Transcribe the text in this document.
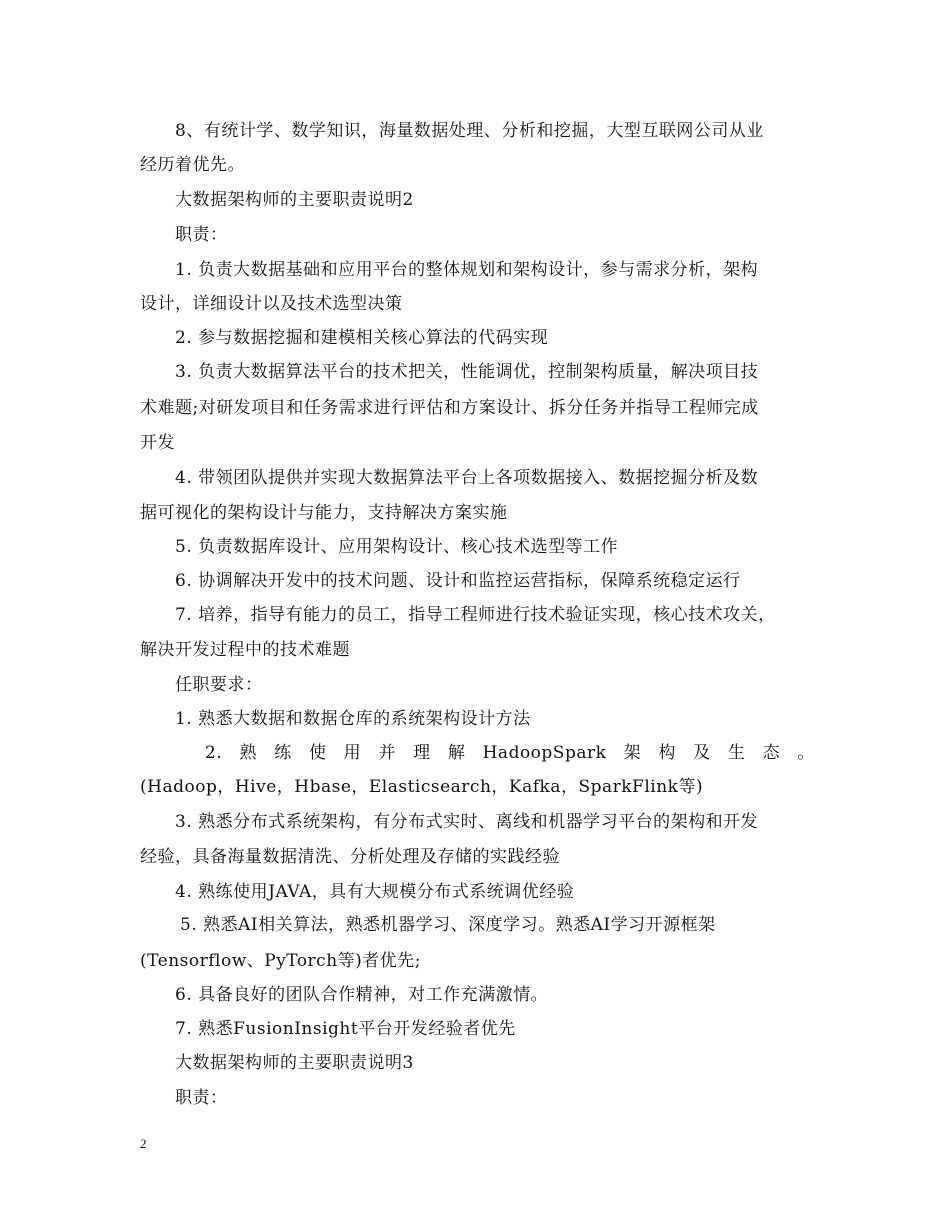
8、有统计学、数学知识，海量数据处理、分析和挖掘，大型互联网公司从业
经历着优先。
大数据架构师的主要职责说明2
职责：
1. 负责大数据基础和应用平台的整体规划和架构设计，参与需求分析，架构
设计，详细设计以及技术选型决策
2. 参与数据挖掘和建模相关核心算法的代码实现
3. 负责大数据算法平台的技术把关，性能调优，控制架构质量，解决项目技
术难题;对研发项目和任务需求进行评估和方案设计、拆分任务并指导工程师完成
开发
4. 带领团队提供并实现大数据算法平台上各项数据接入、数据挖掘分析及数
据可视化的架构设计与能力，支持解决方案实施
5. 负责数据库设计、应用架构设计、核心技术选型等工作
6. 协调解决开发中的技术问题、设计和监控运营指标，保障系统稳定运行
7. 培养，指导有能力的员工，指导工程师进行技术验证实现，核心技术攻关，
解决开发过程中的技术难题
任职要求：
1. 熟悉大数据和数据仓库的系统架构设计方法
2. 熟 练 使 用 并 理 解 HadoopSpark 架 构 及 生 态 。
(Hadoop，Hive，Hbase，Elasticsearch，Kafka，SparkFlink等)
3. 熟悉分布式系统架构，有分布式实时、离线和机器学习平台的架构和开发
经验，具备海量数据清洗、分析处理及存储的实践经验
4. 熟练使用JAVA，具有大规模分布式系统调优经验
5. 熟悉AI相关算法，熟悉机器学习、深度学习。熟悉AI学习开源框架
(Tensorflow、PyTorch等)者优先;
6. 具备良好的团队合作精神，对工作充满激情。
7. 熟悉FusionInsight平台开发经验者优先
大数据架构师的主要职责说明3
职责：
2
